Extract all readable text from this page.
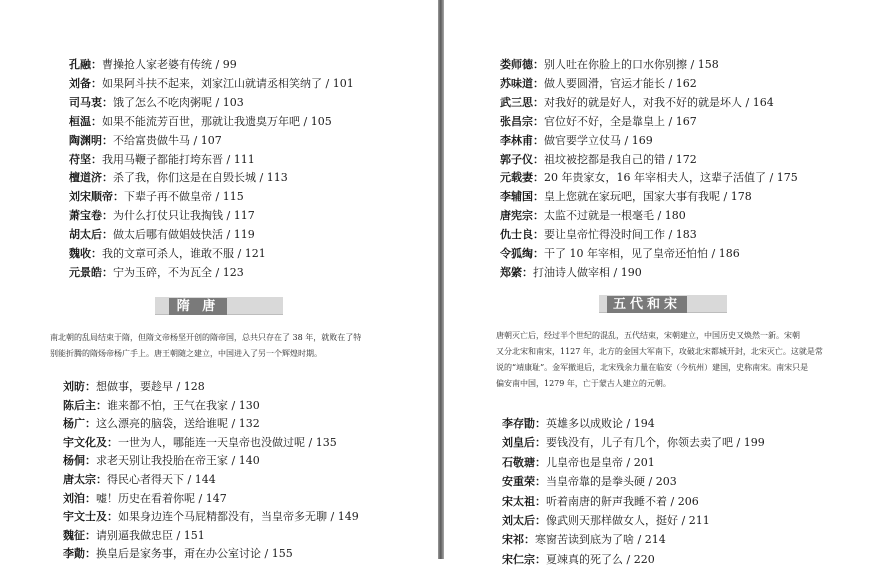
孔融：曹操抢人家老婆有传统 / 99
刘备：如果阿斗扶不起来，刘家江山就请丞相笑纳了 / 101
司马衷：饿了怎么不吃肉粥呢 / 103
桓温：如果不能流芳百世，那就让我遗臭万年吧 / 105
陶渊明：不给富贵做牛马 / 107
苻坚：我用马鞭子都能打垮东晋 / 111
檀道济：杀了我，你们这是在自毁长城 / 113
刘宋顺帝：下辈子再不做皇帝 / 115
萧宝卷：为什么打仗只让我掏钱 / 117
胡太后：做太后哪有做娼妓快活 / 119
魏收：我的文章可杀人，谁敢不服 / 121
元景皓：宁为玉碎，不为瓦全 / 123
隋 唐
南北朝的乱局结束于隋，但隋文帝杨坚开创的隋帝国，总共只存在了 38 年，就败在了特
别能折腾的隋炀帝杨广手上。唐王朝随之建立，中国进入了另一个辉煌时期。
刘昉：想做事，要趁早 / 128
陈后主：谁来都不怕，王气在我家 / 130
杨广：这么漂亮的脑袋，送给谁呢 / 132
宇文化及：一世为人，哪能连一天皇帝也没做过呢 / 135
杨侗：求老天别让我投胎在帝王家 / 140
唐太宗：得民心者得天下 / 144
刘洎：嘘！历史在看着你呢 / 147
宇文士及：如果身边连个马屁精都没有，当皇帝多无聊 / 149
魏征：请别逼我做忠臣 / 151
李勣：换皇后是家务事，甭在办公室讨论 / 155
娄师德：别人吐在你脸上的口水你别擦 / 158
苏味道：做人要圆滑，官运才能长 / 162
武三思：对我好的就是好人，对我不好的就是坏人 / 164
张昌宗：官位好不好，全是靠皇上 / 167
李林甫：做官要学立仗马 / 169
郭子仪：祖坟被挖都是我自己的错 / 172
元载妻：20 年贵家女，16 年宰相夫人，这辈子活值了 / 175
李辅国：皇上您就在家玩吧，国家大事有我呢 / 178
唐宪宗：太监不过就是一根毫毛 / 180
仇士良：要让皇帝忙得没时间工作 / 183
令狐绹：干了 10 年宰相，见了皇帝还怕怕 / 186
郑綮：打油诗人做宰相 / 190
五代和宋
唐朝灭亡后，经过半个世纪的混乱，五代结束，宋朝建立，中国历史又焕然一新。宋朝
又分北宋和南宋，1127 年，北方的金国大军南下，攻破北宋都城开封，北宋灭亡。这就是常
说的“靖康耻”。金军撤退后，北宋残余力量在临安（今杭州）建国，史称南宋。南宋只是
偏安南中国，1279 年，亡于蒙古人建立的元朝。
李存勖：英雄多以成败论 / 194
刘皇后：要钱没有，儿子有几个，你领去卖了吧 / 199
石敬瑭：儿皇帝也是皇帝 / 201
安重荣：当皇帝靠的是拳头硬 / 203
宋太祖：听着南唐的鼾声我睡不着 / 206
刘太后：像武则天那样做女人，挺好 / 211
宋祁：寒窗苦读到底为了啥 / 214
宋仁宗：夏竦真的死了么 / 220
